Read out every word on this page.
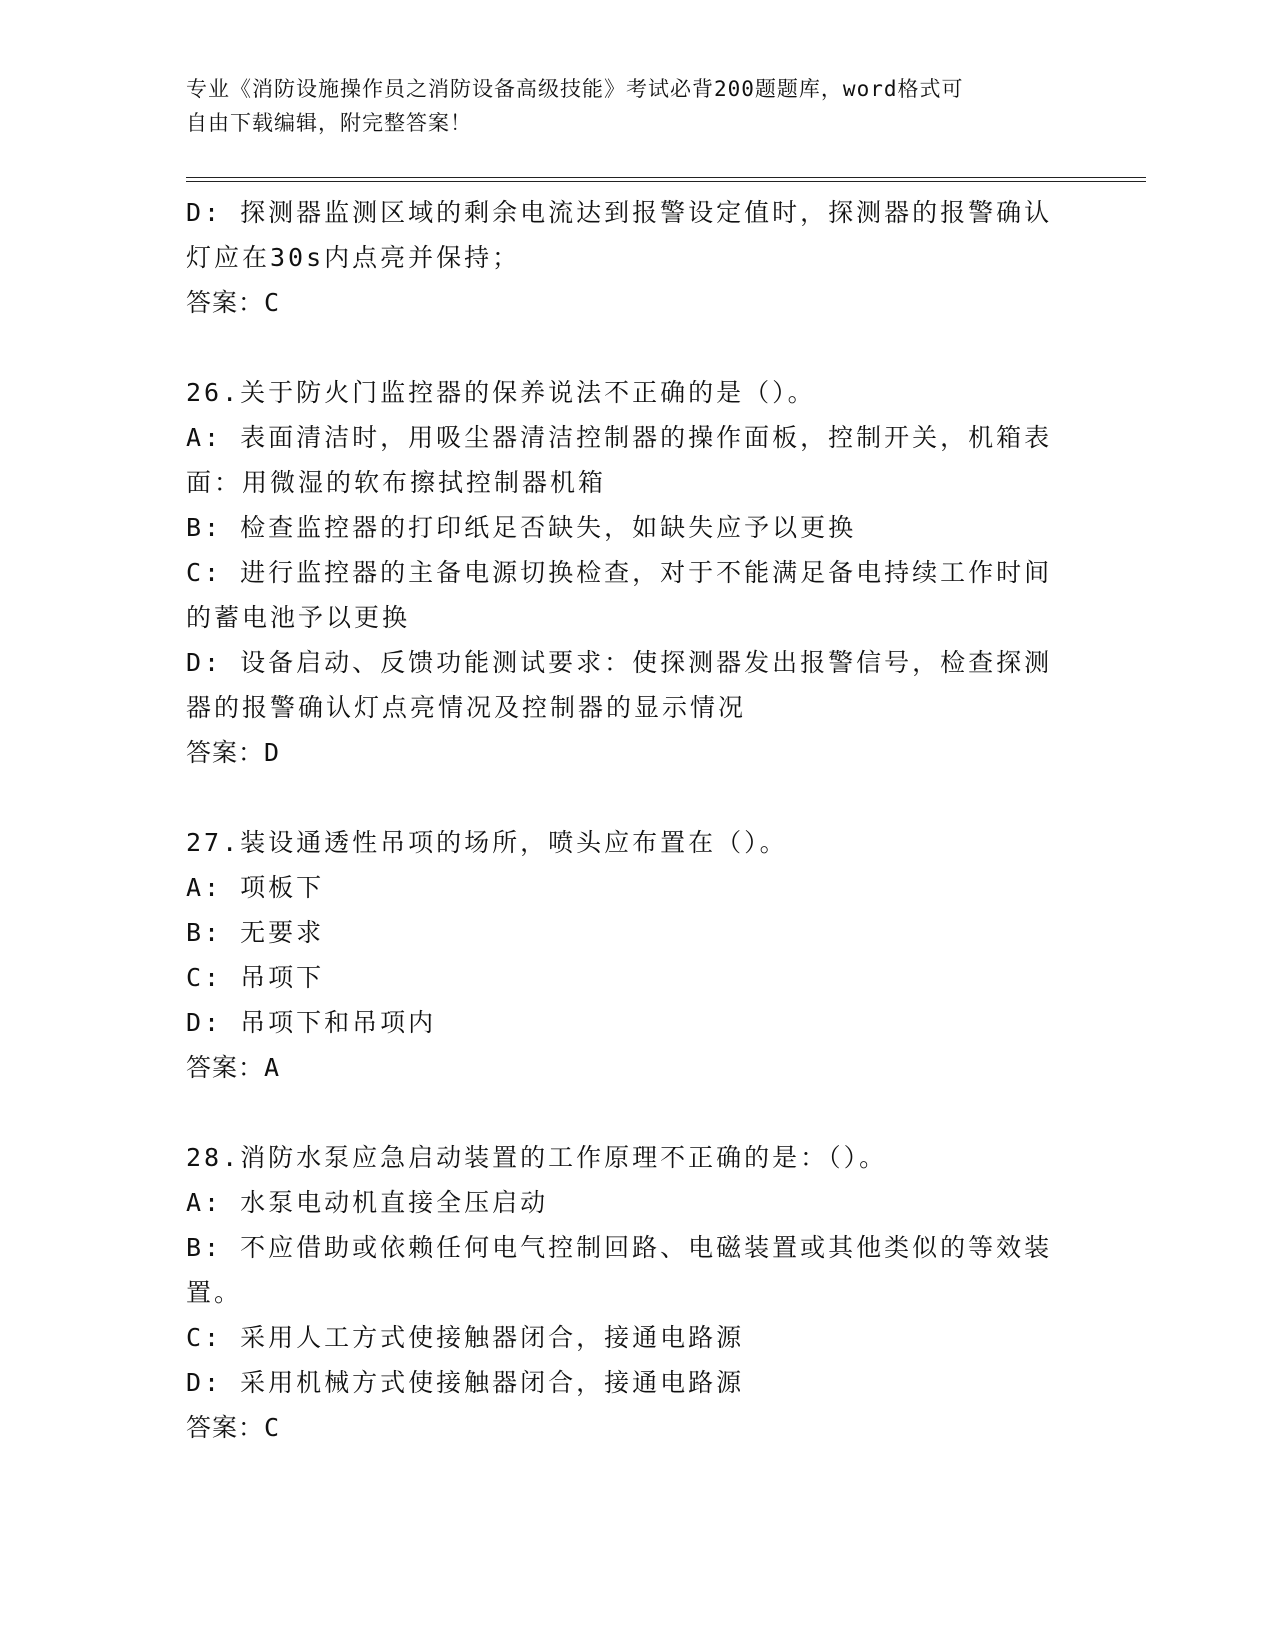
专业《消防设施操作员之消防设备高级技能》考试必背200题题库，word格式可
自由下载编辑，附完整答案！
D: 探测器监测区域的剩余电流达到报警设定值时，探测器的报警确认
灯应在30s内点亮并保持；
答案：C
26.关于防火门监控器的保养说法不正确的是（）。
A: 表面清洁时，用吸尘器清洁控制器的操作面板，控制开关，机箱表
面：用微湿的软布擦拭控制器机箱
B: 检查监控器的打印纸足否缺失，如缺失应予以更换
C: 进行监控器的主备电源切换检查，对于不能满足备电持续工作时间
的蓄电池予以更换
D: 设备启动、反馈功能测试要求：使探测器发出报警信号，检查探测
器的报警确认灯点亮情况及控制器的显示情况
答案：D
27.装设通透性吊项的场所，喷头应布置在（）。
A: 项板下
B: 无要求
C: 吊项下
D: 吊项下和吊项内
答案：A
28.消防水泵应急启动装置的工作原理不正确的是：（）。
A: 水泵电动机直接全压启动
B: 不应借助或依赖任何电气控制回路、电磁装置或其他类似的等效装
置。
C: 采用人工方式使接触器闭合，接通电路源
D: 采用机械方式使接触器闭合，接通电路源
答案：C
